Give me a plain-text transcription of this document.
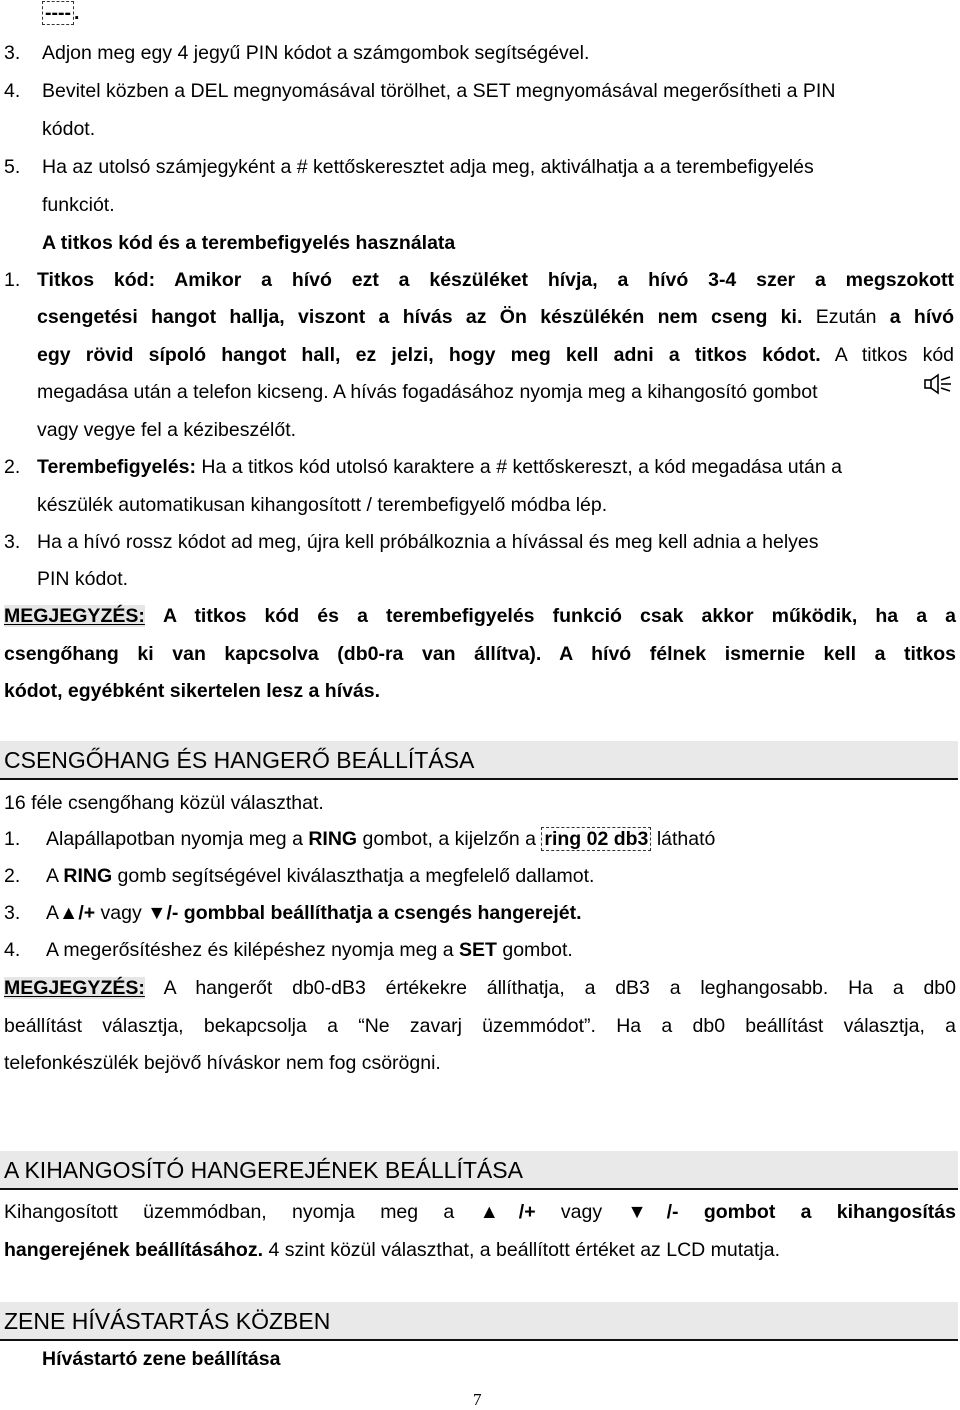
---- .
3. Adjon meg egy 4 jegyű PIN kódot a számgombok segítségével.
4. Bevitel közben a DEL megnyomásával törölhet, a SET megnyomásával megerősítheti a PIN
kódot.
5. Ha az utolsó számjegyként a # kettőskeresztet adja meg, aktiválhatja a a terembefigyelés
funkciót.
A titkos kód és a terembefigyelés használata
1. Titkos kód: Amikor a hívó ezt a készüléket hívja, a hívó 3-4 szer a megszokott
csengetési hangot hallja, viszont a hívás az Ön készülékén nem cseng ki. Ezután a hívó
egy rövid sípoló hangot hall, ez jelzi, hogy meg kell adni a titkos kódot. A titkos kód
megadása után a telefon kicseng. A hívás fogadásához nyomja meg a kihangosító gombot
vagy vegye fel a kézibeszélőt.
2. Terembefigyelés: Ha a titkos kód utolsó karaktere a # kettőskereszt, a kód megadása után a
készülék automatikusan kihangosított / terembefigyelő módba lép.
3. Ha a hívó rossz kódot ad meg, újra kell próbálkoznia a hívással és meg kell adnia a helyes
PIN kódot.
MEGJEGYZÉS: A titkos kód és a terembefigyelés funkció csak akkor működik, ha a a
csengőhang ki van kapcsolva (db0-ra van állítva). A hívó félnek ismernie kell a titkos
kódot, egyébként sikertelen lesz a hívás.
CSENGŐHANG ÉS HANGERŐ BEÁLLÍTÁSA
16 féle csengőhang közül választhat.
1. Alapállapotban nyomja meg a RING gombot, a kijelzőn a ring 02 db3 látható
2. A RING gomb segítségével kiválaszthatja a megfelelő dallamot.
3. A▲/+ vagy ▼/- gombbal beállíthatja a csengés hangerejét.
4. A megerősítéshez és kilépéshez nyomja meg a SET gombot.
MEGJEGYZÉS: A hangerőt db0-dB3 értékekre állíthatja, a dB3 a leghangosabb. Ha a db0
beállítást választja, bekapcsolja a “Ne zavarj üzemmódot”. Ha a db0 beállítást választja, a
telefonkészülék bejövő híváskor nem fog csörögni.
A KIHANGOSÍTÓ HANGEREJÉNEK BEÁLLÍTÁSA
Kihangosított üzemmódban, nyomja meg a ▲/+ vagy ▼/- gombot a kihangosítás
hangerejének beállításához. 4 szint közül választhat, a beállított értéket az LCD mutatja.
ZENE HÍVÁSTARTÁS KÖZBEN
Hívástartó zene beállítása
7
